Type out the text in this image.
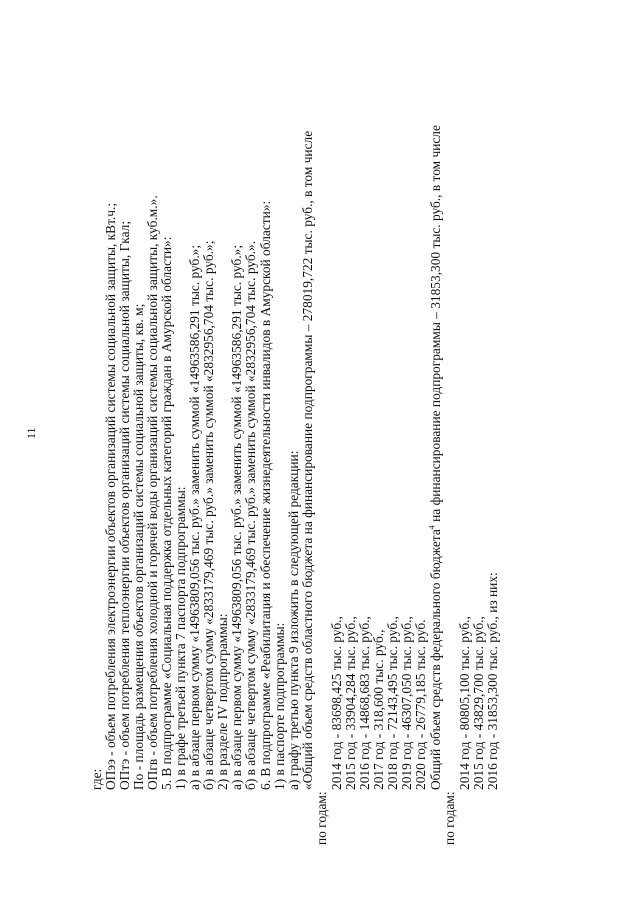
11
где: ОПээ - объем потребления электроэнергии объектов организаций системы социальной защиты, кВт.ч.; ОПтэ - объем потребления теплоэнергии объектов организаций системы социальной защиты, Гкал; По - площадь размещения объектов организаций системы социальной защиты, кв. м; ОПгв - объем потребления холодной и горячей воды организаций системы социальной защиты, куб.м.». 5. В подпрограмме «Социальная поддержка отдельных категорий граждан в Амурской области»: 1) в графе третьей пункта 7 паспорта подпрограммы: а) в абзаце первом сумму «14963809,056 тыс. руб.» заменить суммой «14963586,291 тыс. руб.»; б) в абзаце четвертом сумму «2833179,469 тыс. руб.» заменить суммой «2832956,704 тыс. руб.»; 2) в разделе IV подпрограммы: а) в абзаце первом сумму «14963809,056 тыс. руб.» заменить суммой «14963586,291 тыс. руб.»; б) в абзаце четвертом сумму «2833179,469 тыс. руб.» заменить суммой «2832956,704 тыс. руб.». 6. В подпрограмме «Реабилитация и обеспечение жизнедеятельности инвалидов в Амурской области»: 1) в паспорте подпрограммы: а) графу третью пункта 9 изложить в следующей редакции: «Общий объем средств областного бюджета на финансирование подпрограммы – 278019,722 тыс. руб., в том числе
по годам:
2014 год - 83698,425 тыс. руб., 2015 год - 33904,284 тыс. руб., 2016 год - 14868,683 тыс. руб., 2017 год - 318,600 тыс. руб., 2018 год - 72143,495 тыс. руб., 2019 год - 46307,050 тыс. руб., 2020 год - 26779,185 тыс. руб. Общий объем средств федерального бюджета$^4$ на финансирование подпрограммы – 31853,300 тыс. руб., в том числе
по годам:
2014 год - 80805,100 тыс. руб., 2015 год - 43829,700 тыс. руб., 2016 год - 31853,300 тыс. руб., из них:
